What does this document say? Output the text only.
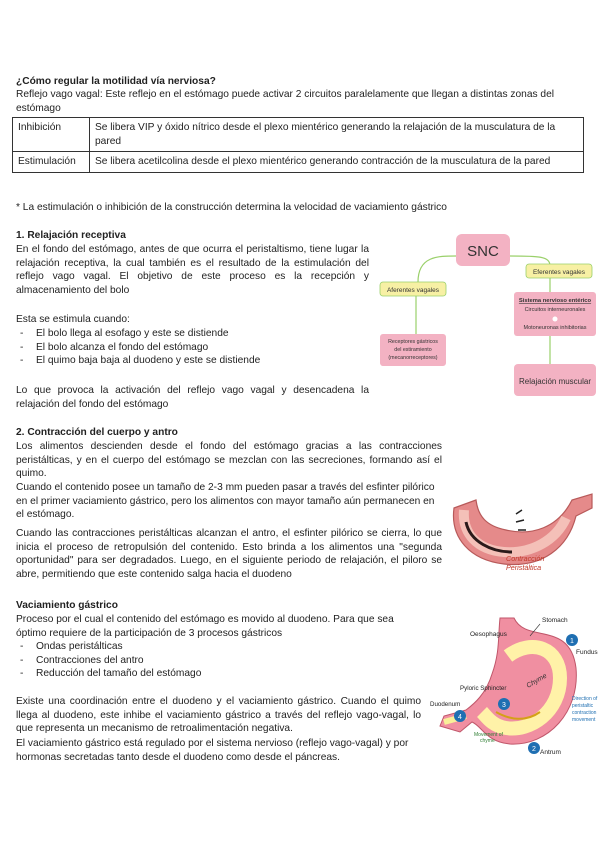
¿Cómo regular la motilidad vía nerviosa?
Reflejo vago vagal: Este reflejo en el estómago puede activar 2 circuitos paralelamente que llegan a distintas zonas del estómago
Inhibición	Se libera VIP y óxido nítrico desde el plexo mientérico generando la relajación de la musculatura de la pared
Estimulación	Se libera acetilcolina desde el plexo mientérico generando contracción de la musculatura de la pared
* La estimulación o inhibición de la construcción determina la velocidad de vaciamiento gástrico
1. Relajación receptiva
En el fondo del estómago, antes de que ocurra el peristaltismo, tiene lugar la relajación receptiva, la cual también es el resultado de la estimulación del reflejo vago vagal. El objetivo de este proceso es la recepción y almacenamiento del bolo
Esta se estimula cuando:
- El bolo llega al esofago y este se distiende
- El bolo alcanza el fondo del estómago
- El quimo baja baja al duodeno y este se distiende
Lo que provoca la activación del reflejo vago vagal y desencadena la relajación del fondo del estómago
SNC
Aferentes vagales
Eferentes vagales
Sistema nervioso entérico
Circuitos interneuronales
Motoneuronas inhibitorias
Receptores gástricos
del estiramiento
(mecanorreceptores)
Relajación muscular
2. Contracción del cuerpo y antro
Los alimentos descienden desde el fondo del estómago gracias a las contracciones peristálticas, y en el cuerpo del estómago se mezclan con las secreciones, formando así el quimo.
Cuando el contenido posee un tamaño de 2-3 mm pueden pasar a través del esfinter pilórico en el primer vaciamiento gástrico, pero los alimentos con mayor tamaño aún permanecen en el estómago.
Cuando las contracciones peristálticas alcanzan el antro, el esfinter pilórico se cierra, lo que inicia el proceso de retropulsión del contenido. Esto brinda a los alimentos una "segunda oportunidad" para ser degradados. Luego, en el siguiente periodo de relajación, el piloro se abre, permitiendo que este contenido salga hacia el duodeno
Contracción
Peristáltica
Vaciamiento gástrico
Proceso por el cual el contenido del estómago es movido al duodeno. Para que sea óptimo requiere de la participación de 3 procesos gástricos
- Ondas peristálticas
- Contracciones del antro
- Reducción del tamaño del estómago
Existe una coordinación entre el duodeno y el vaciamiento gástrico. Cuando el quimo llega al duodeno, este inhibe el vaciamiento gástrico a través del reflejo vago-vagal, lo que representa un mecanismo de retroalimentación negativa.
El vaciamiento gástrico está regulado por el sistema nervioso (reflejo vago-vagal) y por hormonas secretadas tanto desde el duodeno como desde el páncreas.
Stomach
Oesophagus
Fundus
Pyloric Sphincter
Duodenum
Chyme
Movement of
chyme
Antrum
Direction of
peristaltic
contraction
movement
1
2
3
4
